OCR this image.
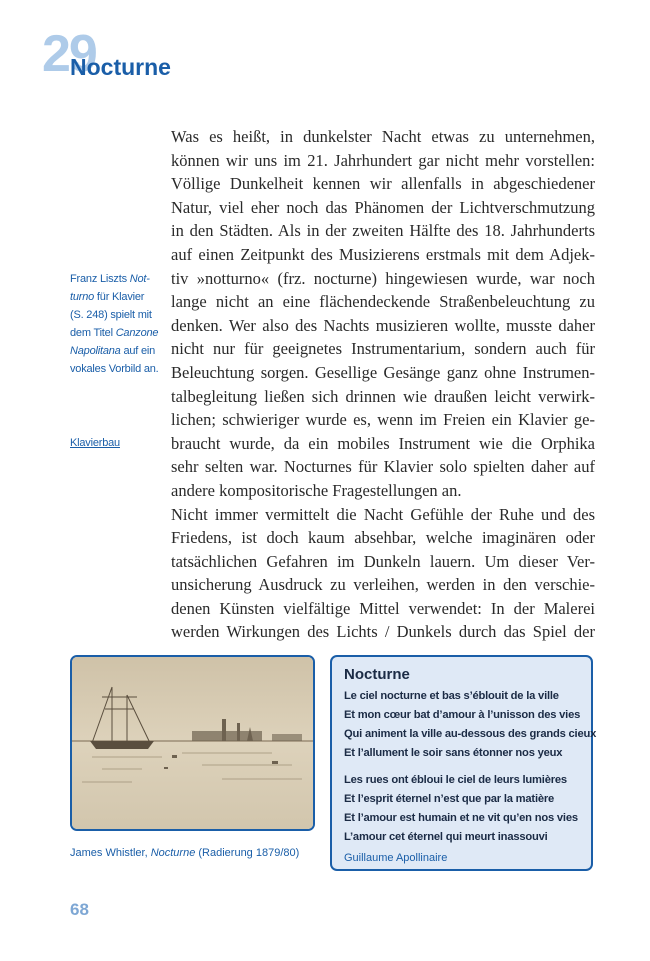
29
Nocturne
Was es heißt, in dunkelster Nacht etwas zu unternehmen,
können wir uns im 21. Jahrhundert gar nicht mehr vorstellen:
Völlige Dunkelheit kennen wir allenfalls in abgeschiedener
Natur, viel eher noch das Phänomen der Lichtverschmutzung
in den Städten. Als in der zweiten Hälfte des 18. Jahrhunderts
auf einen Zeitpunkt des Musizierens erstmals mit dem Adjek-
tiv »notturno« (frz. nocturne) hingewiesen wurde, war noch
lange nicht an eine flächendeckende Straßenbeleuchtung zu
denken. Wer also des Nachts musizieren wollte, musste daher
nicht nur für geeignetes Instrumentarium, sondern auch für
Beleuchtung sorgen. Gesellige Gesänge ganz ohne Instrumen-
talbegleitung ließen sich drinnen wie draußen leicht verwirk-
lichen; schwieriger wurde es, wenn im Freien ein Klavier ge-
braucht wurde, da ein mobiles Instrument wie die Orphika
sehr selten war. Nocturnes für Klavier solo spielten daher auf
andere kompositorische Fragestellungen an.
Nicht immer vermittelt die Nacht Gefühle der Ruhe und des
Friedens, ist doch kaum absehbar, welche imaginären oder
tatsächlichen Gefahren im Dunkeln lauern. Um dieser Ver-
unsicherung Ausdruck zu verleihen, werden in den verschie-
denen Künsten vielfältige Mittel verwendet: In der Malerei
werden Wirkungen des Lichts / Dunkels durch das Spiel der
Franz Liszts Not-
turno für Klavier
(S. 248) spielt mit
dem Titel Canzone
Napolitana auf ein
vokales Vorbild an.
Klavierbau
James Whistler, Nocturne (Radierung 1879/80)
Nocturne
Le ciel nocturne et bas s’éblouit de la ville
Et mon cœur bat d’amour à l’unisson des vies
Qui animent la ville au-dessous des grands cieux
Et l’allument le soir sans étonner nos yeux
Les rues ont ébloui le ciel de leurs lumières
Et l’esprit éternel n’est que par la matière
Et l’amour est humain et ne vit qu’en nos vies
L’amour cet éternel qui meurt inassouvi
Guillaume Apollinaire
68
